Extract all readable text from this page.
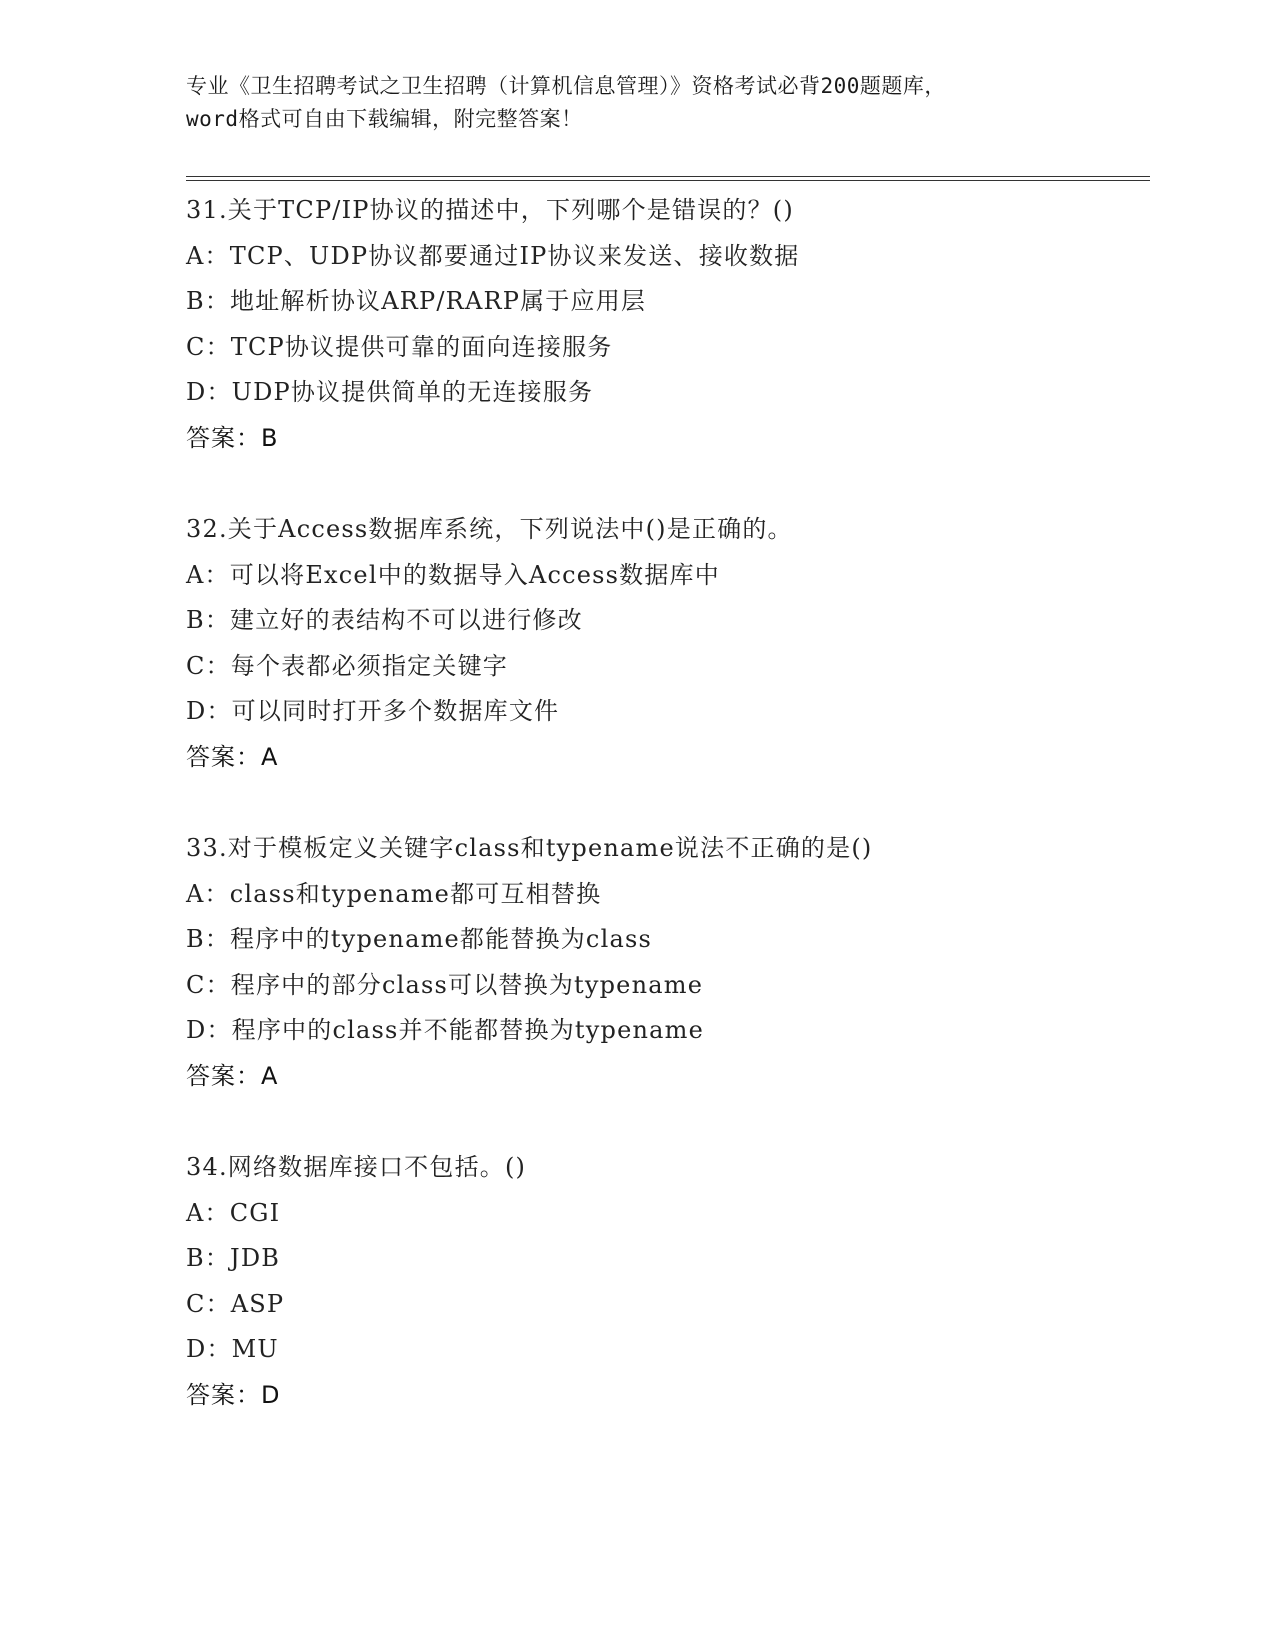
专业《卫生招聘考试之卫生招聘（计算机信息管理）》资格考试必背200题题库，
word格式可自由下载编辑，附完整答案！
31.关于TCP/IP协议的描述中，下列哪个是错误的？()
A：TCP、UDP协议都要通过IP协议来发送、接收数据
B：地址解析协议ARP/RARP属于应用层
C：TCP协议提供可靠的面向连接服务
D：UDP协议提供简单的无连接服务
答案：B
32.关于Access数据库系统，下列说法中()是正确的。
A：可以将Excel中的数据导入Access数据库中
B：建立好的表结构不可以进行修改
C：每个表都必须指定关键字
D：可以同时打开多个数据库文件
答案：A
33.对于模板定义关键字class和typename说法不正确的是()
A：class和typename都可互相替换
B：程序中的typename都能替换为class
C：程序中的部分class可以替换为typename
D：程序中的class并不能都替换为typename
答案：A
34.网络数据库接口不包括。()
A：CGI
B：JDB
C：ASP
D：MU
答案：D
